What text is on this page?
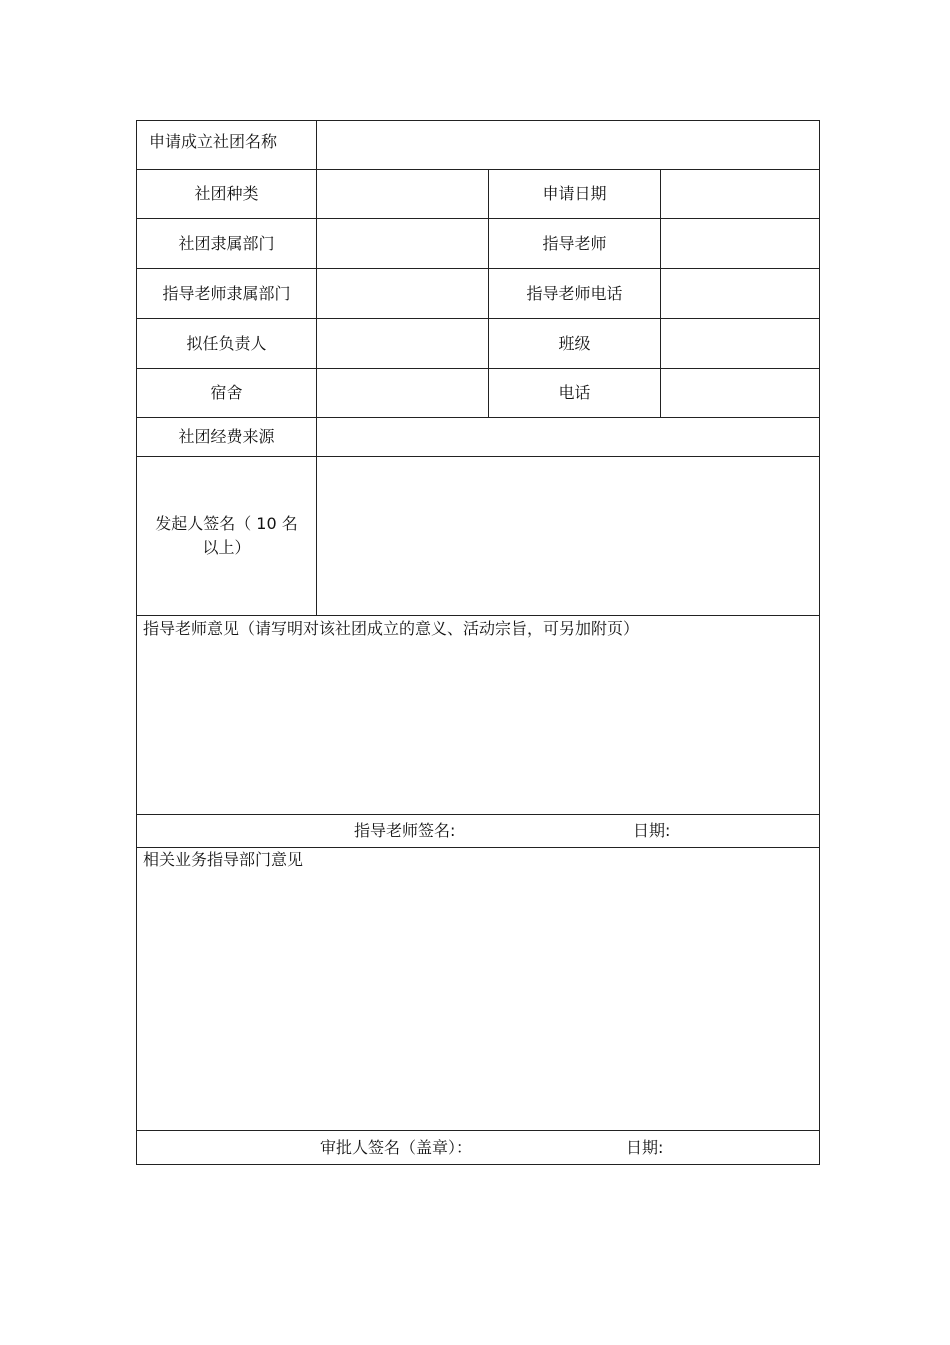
申请成立社团名称
社团种类	申请日期
社团隶属部门	指导老师
指导老师隶属部门	指导老师电话
拟任负责人	班级
宿舍	电话
社团经费来源
发起人签名（ 10 名
以上）
指导老师意见（请写明对该社团成立的意义、活动宗旨，可另加附页）
指导老师签名:	日期:
相关业务指导部门意见
审批人签名（盖章）：	日期:
